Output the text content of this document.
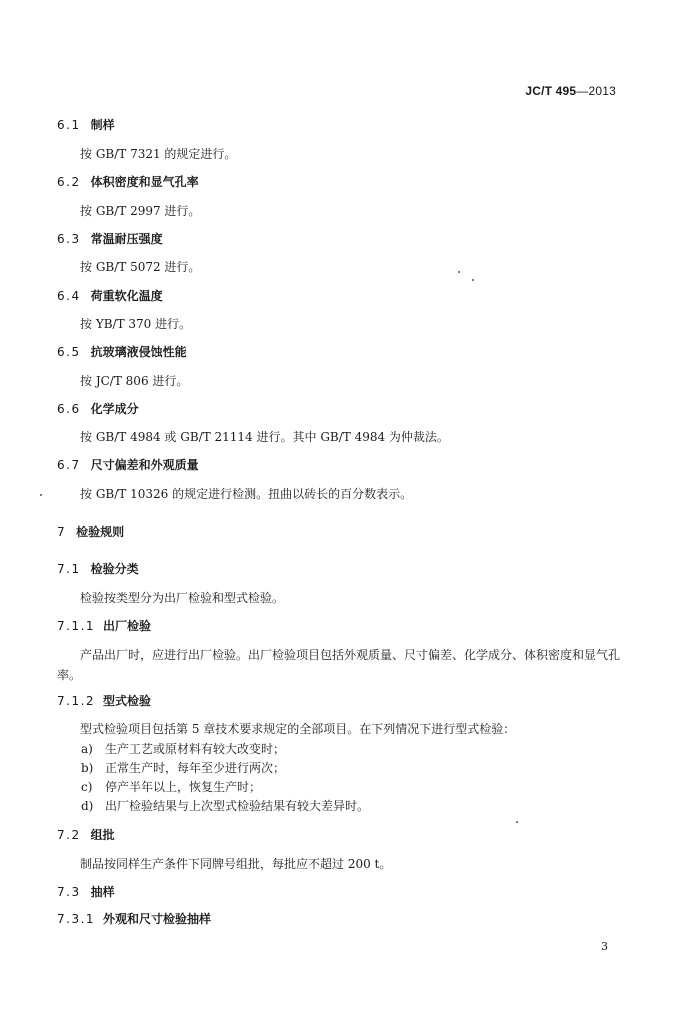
JC/T 495—2013
6.1 制样
按 GB/T 7321 的规定进行。
6.2 体积密度和显气孔率
按 GB/T 2997 进行。
6.3 常温耐压强度
按 GB/T 5072 进行。
6.4 荷重软化温度
按 YB/T 370 进行。
6.5 抗玻璃液侵蚀性能
按 JC/T 806 进行。
6.6 化学成分
按 GB/T 4984 或 GB/T 21114 进行。其中 GB/T 4984 为仲裁法。
6.7 尺寸偏差和外观质量
按 GB/T 10326 的规定进行检测。扭曲以砖长的百分数表示。
7 检验规则
7.1 检验分类
检验按类型分为出厂检验和型式检验。
7.1.1 出厂检验
产品出厂时，应进行出厂检验。出厂检验项目包括外观质量、尺寸偏差、化学成分、体积密度和显气孔率。
7.1.2 型式检验
型式检验项目包括第 5 章技术要求规定的全部项目。在下列情况下进行型式检验：
a) 生产工艺或原材料有较大改变时；
b) 正常生产时，每年至少进行两次；
c) 停产半年以上，恢复生产时；
d) 出厂检验结果与上次型式检验结果有较大差异时。
7.2 组批
制品按同样生产条件下同牌号组批，每批应不超过 200 t。
7.3 抽样
7.3.1 外观和尺寸检验抽样
3
